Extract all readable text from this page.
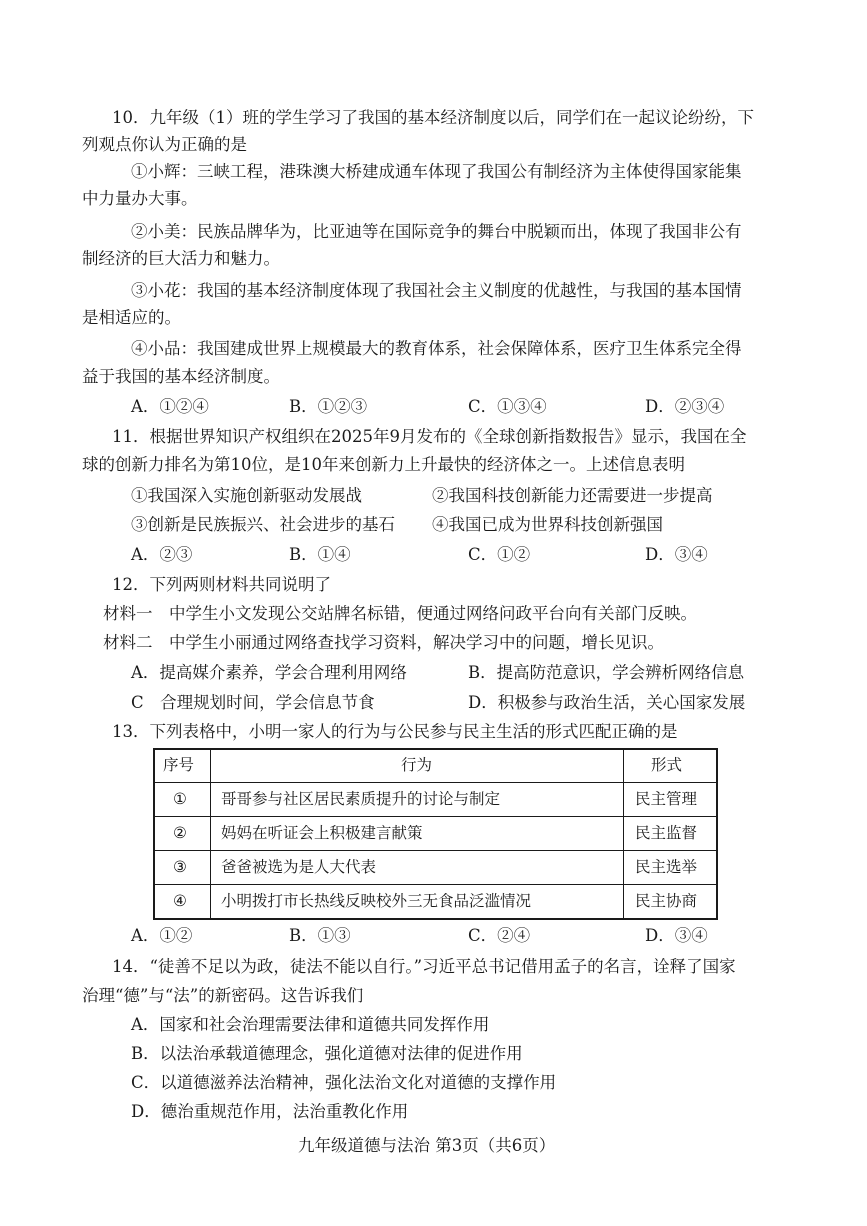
10．九年级（1）班的学生学习了我国的基本经济制度以后，同学们在一起议论纷纷，下
列观点你认为正确的是
①小辉：三峡工程，港珠澳大桥建成通车体现了我国公有制经济为主体使得国家能集
中力量办大事。
②小美：民族品牌华为，比亚迪等在国际竞争的舞台中脱颖而出，体现了我国非公有
制经济的巨大活力和魅力。
③小花：我国的基本经济制度体现了我国社会主义制度的优越性，与我国的基本国情
是相适应的。
④小品：我国建成世界上规模最大的教育体系，社会保障体系，医疗卫生体系完全得
益于我国的基本经济制度。
A．①②④	B．①②③	C．①③④	D．②③④
11．根据世界知识产权组织在2025年9月发布的《全球创新指数报告》显示，我国在全
球的创新力排名为第10位，是10年来创新力上升最快的经济体之一。上述信息表明
①我国深入实施创新驱动发展战	②我国科技创新能力还需要进一步提高
③创新是民族振兴、社会进步的基石 ④我国已成为世界科技创新强国
A．②③	B．①④	C．①②	D．③④
12．下列两则材料共同说明了
材料一　中学生小文发现公交站牌名标错，便通过网络问政平台向有关部门反映。
材料二　中学生小丽通过网络查找学习资料，解决学习中的问题，增长见识。
A．提高媒介素养，学会合理利用网络	B．提高防范意识，学会辨析网络信息
C　合理规划时间，学会信息节食	D．积极参与政治生活，关心国家发展
13．下列表格中，小明一家人的行为与公民参与民主生活的形式匹配正确的是
序号	行为	形式
① 哥哥参与社区居民素质提升的讨论与制定	民主管理
② 妈妈在听证会上积极建言献策	民主监督
③ 爸爸被选为是人大代表	民主选举
④ 小明拨打市长热线反映校外三无食品泛滥情况	民主协商
A．①②	B．①③	C．②④	D．③④
14．“徒善不足以为政，徒法不能以自行。”习近平总书记借用孟子的名言，诠释了国家
治理“德”与“法”的新密码。这告诉我们
A．国家和社会治理需要法律和道德共同发挥作用
B．以法治承载道德理念，强化道德对法律的促进作用
C．以道德滋养法治精神，强化法治文化对道德的支撑作用
D．德治重规范作用，法治重教化作用
九年级道德与法治 第3页（共6页）
